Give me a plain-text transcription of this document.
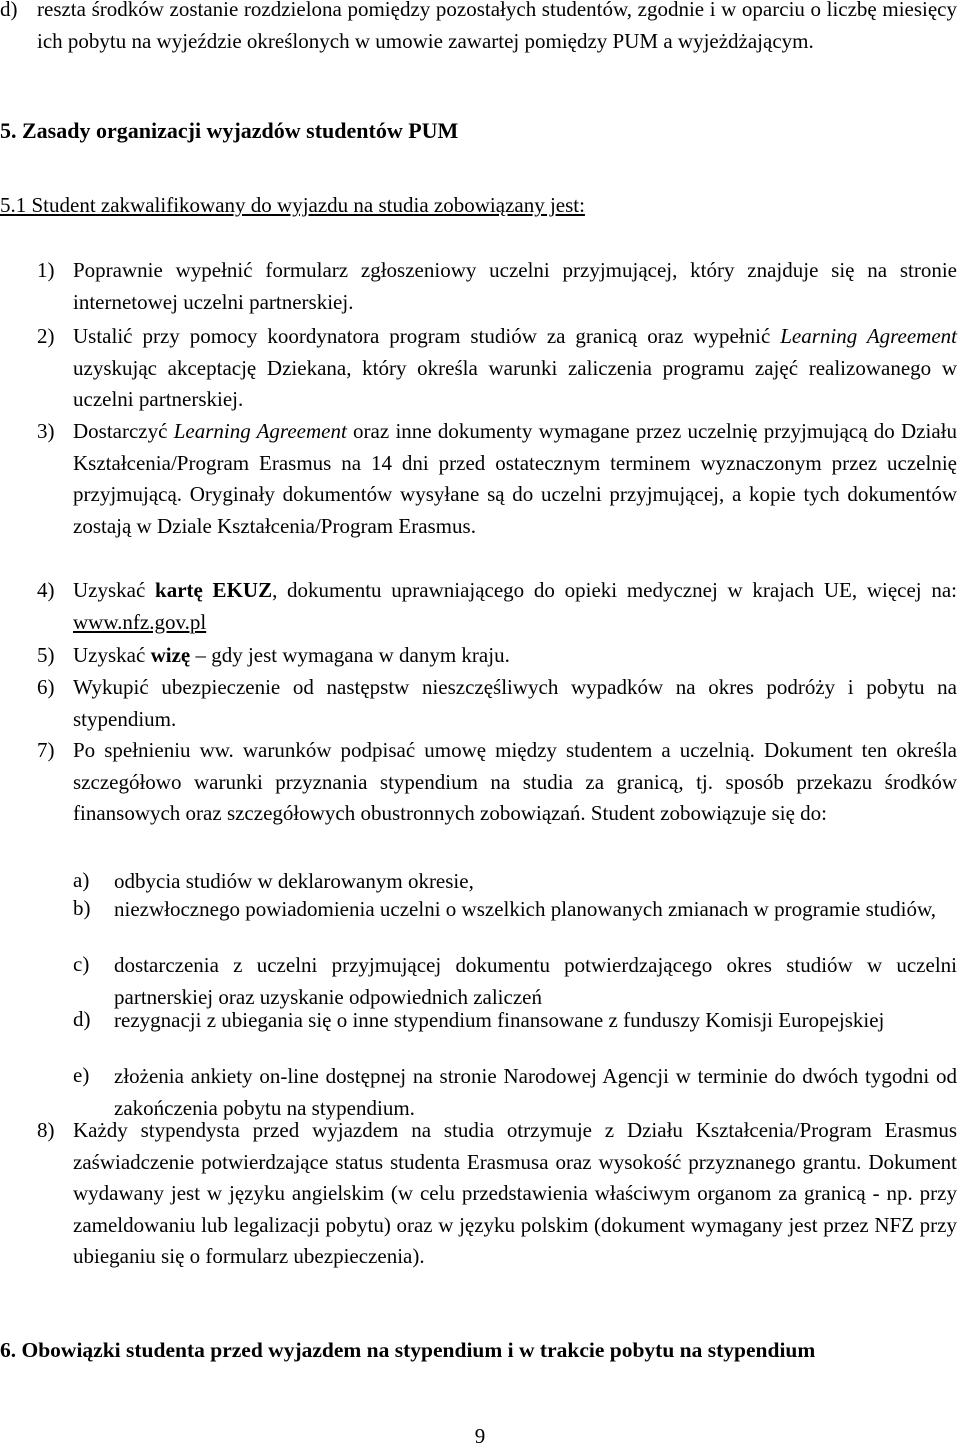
d) reszta środków zostanie rozdzielona pomiędzy pozostałych studentów, zgodnie i w oparciu o liczbę miesięcy ich pobytu na wyjeździe określonych w umowie zawartej pomiędzy PUM a wyjeżdżającym.

5. Zasady organizacji wyjazdów studentów PUM

5.1 Student zakwalifikowany do wyjazdu na studia zobowiązany jest:

1) Poprawnie wypełnić formularz zgłoszeniowy uczelni przyjmującej, który znajduje się na stronie internetowej uczelni partnerskiej.

2) Ustalić przy pomocy koordynatora program studiów za granicą oraz wypełnić Learning Agreement uzyskując akceptację Dziekana, który określa warunki zaliczenia programu zajęć realizowanego w uczelni partnerskiej.

3) Dostarczyć Learning Agreement oraz inne dokumenty wymagane przez uczelnię przyjmującą do Działu Kształcenia/Program Erasmus na 14 dni przed ostatecznym terminem wyznaczonym przez uczelnię przyjmującą. Oryginały dokumentów wysyłane są do uczelni przyjmującej, a kopie tych dokumentów zostają w Dziale Kształcenia/Program Erasmus.

4) Uzyskać kartę EKUZ, dokumentu uprawniającego do opieki medycznej w krajach UE, więcej na: www.nfz.gov.pl

5) Uzyskać wizę – gdy jest wymagana w danym kraju.

6) Wykupić ubezpieczenie od następstw nieszczęśliwych wypadków na okres podróży i pobytu na stypendium.

7) Po spełnieniu ww. warunków podpisać umowę między studentem a uczelnią. Dokument ten określa szczegółowo warunki przyznania stypendium na studia za granicą, tj. sposób przekazu środków finansowych oraz szczegółowych obustronnych zobowiązań. Student zobowiązuje się do:

a) odbycia studiów w deklarowanym okresie,

b) niezwłocznego powiadomienia uczelni o wszelkich planowanych zmianach w programie studiów,

c) dostarczenia z uczelni przyjmującej dokumentu potwierdzającego okres studiów w uczelni partnerskiej oraz uzyskanie odpowiednich zaliczeń

d) rezygnacji z ubiegania się o inne stypendium finansowane z funduszy Komisji Europejskiej

e) złożenia ankiety on-line dostępnej na stronie Narodowej Agencji w terminie do dwóch tygodni od zakończenia pobytu na stypendium.

8) Każdy stypendysta przed wyjazdem na studia otrzymuje z Działu Kształcenia/Program Erasmus zaświadczenie potwierdzające status studenta Erasmusa oraz wysokość przyznanego grantu. Dokument wydawany jest w języku angielskim (w celu przedstawienia właściwym organom za granicą - np. przy zameldowaniu lub legalizacji pobytu) oraz w języku polskim (dokument wymagany jest przez NFZ przy ubieganiu się o formularz ubezpieczenia).

6. Obowiązki studenta przed wyjazdem na stypendium i w trakcie pobytu na stypendium

9
